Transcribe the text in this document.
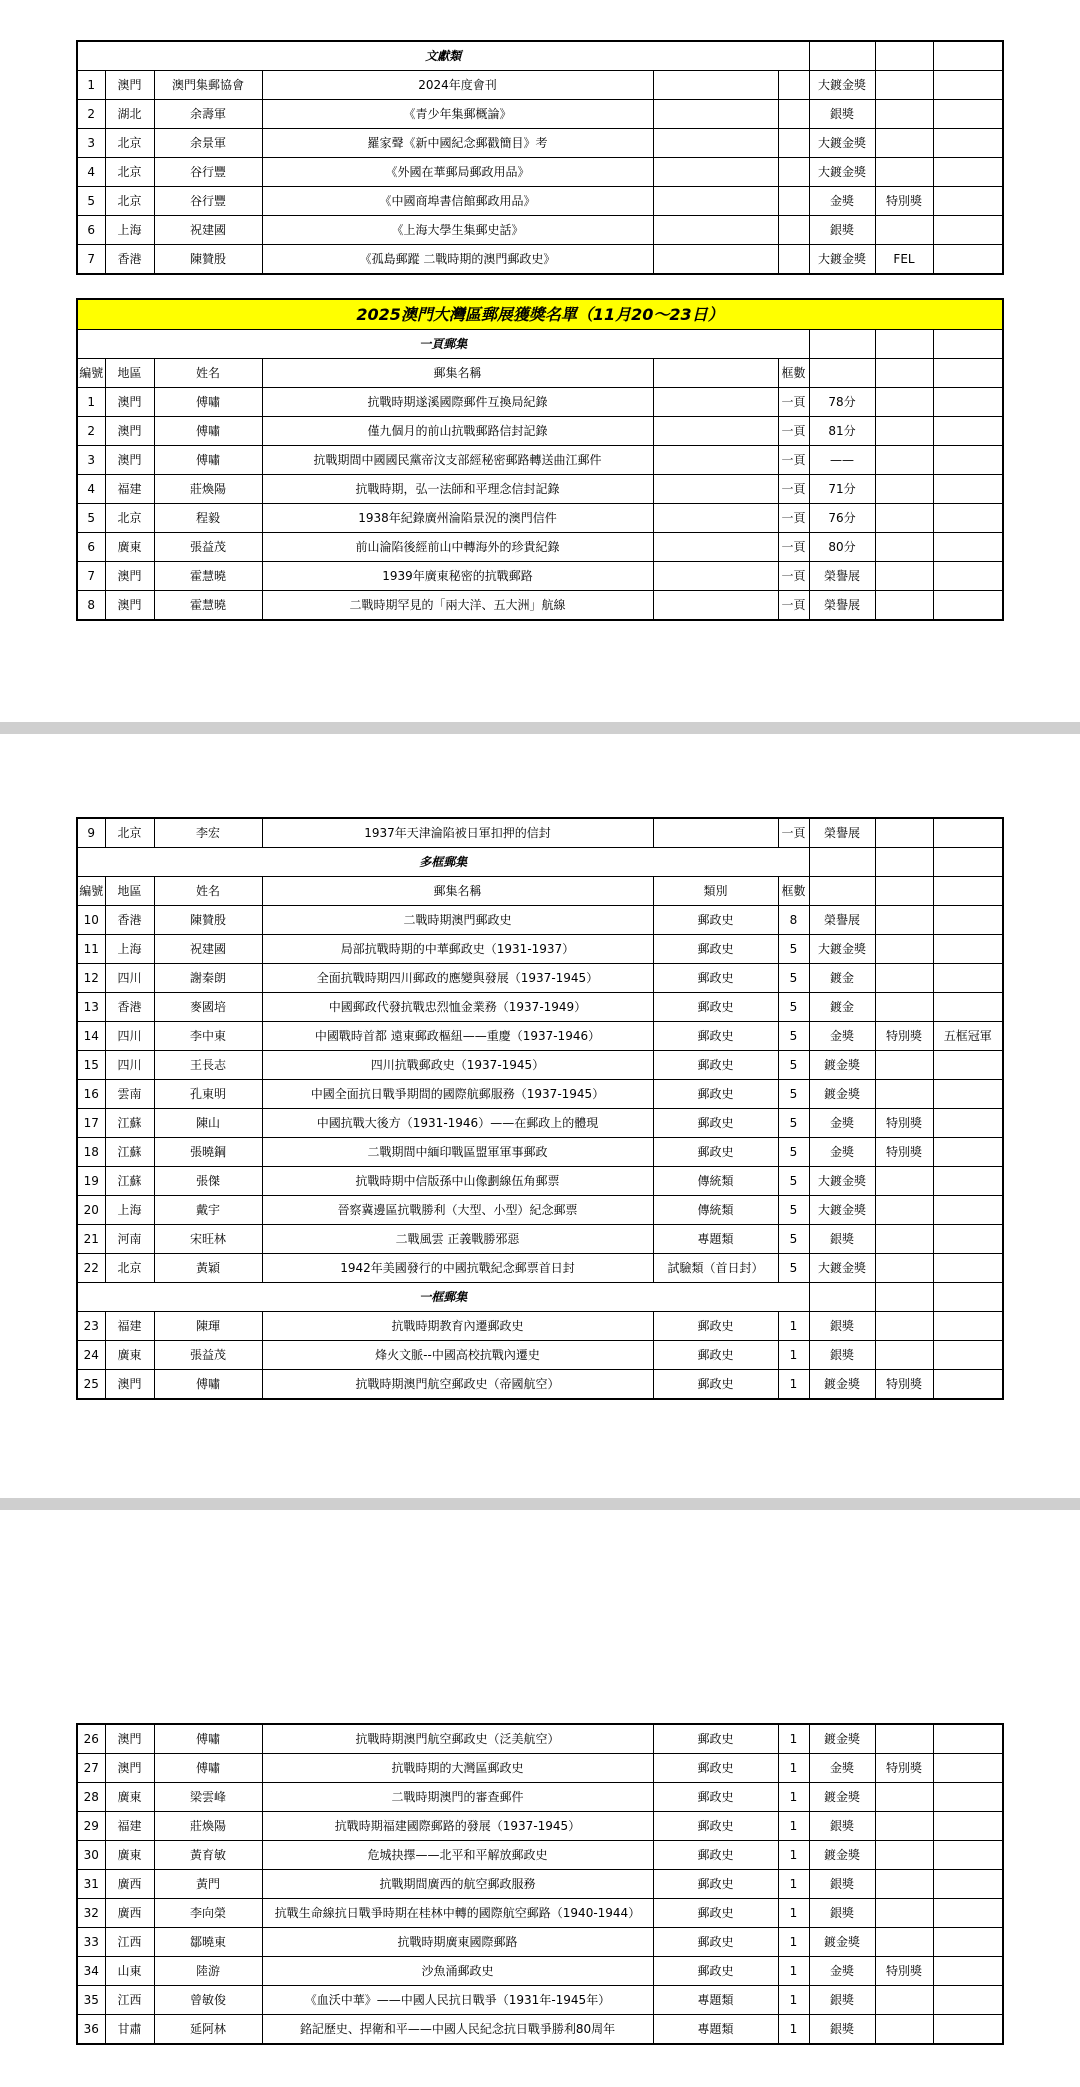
文獻類								
1	澳門	澳門集郵協會	2024年度會刊			大鍍金獎		
2	湖北	余壽軍	《青少年集郵概論》			銀獎		
3	北京	余景軍	羅家聲《新中國紀念郵戳簡目》考			大鍍金獎		
4	北京	谷行豐	《外國在華郵局郵政用品》			大鍍金獎		
5	北京	谷行豐	《中國商埠書信館郵政用品》			金獎	特別獎	
6	上海	祝建國	《上海大學生集郵史話》			銀獎		
7	香港	陳贊殷	《孤島郵蹤 二戰時期的澳門郵政史》			大鍍金獎	FEL	
2025澳門大灣區郵展獲獎名單（11月20～23日）								
一頁郵集								
編號	地區	姓名	郵集名稱		框數			
1	澳門	傅嘯	抗戰時期遂溪國際郵件互換局紀錄		一頁	78分		
2	澳門	傅嘯	僅九個月的前山抗戰郵路信封記錄		一頁	81分		
3	澳門	傅嘯	抗戰期間中國國民黨帝汶支部經秘密郵路轉送曲江郵件		一頁	——		
4	福建	莊煥陽	抗戰時期，弘一法師和平理念信封記錄		一頁	71分		
5	北京	程毅	1938年紀錄廣州淪陷景況的澳門信件		一頁	76分		
6	廣東	張益茂	前山淪陷後經前山中轉海外的珍貴紀錄		一頁	80分		
7	澳門	霍慧曉	1939年廣東秘密的抗戰郵路		一頁	榮譽展		
8	澳門	霍慧曉	二戰時期罕見的「兩大洋、五大洲」航線		一頁	榮譽展		
9	北京	李宏	1937年天津淪陷被日軍扣押的信封		一頁	榮譽展		
多框郵集								
編號	地區	姓名	郵集名稱	類別	框數			
10	香港	陳贊殷	二戰時期澳門郵政史	郵政史	8	榮譽展		
11	上海	祝建國	局部抗戰時期的中華郵政史（1931-1937）	郵政史	5	大鍍金獎		
12	四川	謝秦朗	全面抗戰時期四川郵政的應變與發展（1937-1945）	郵政史	5	鍍金		
13	香港	麥國培	中國郵政代發抗戰忠烈恤金業務（1937-1949）	郵政史	5	鍍金		
14	四川	李中東	中國戰時首都 遠東郵政樞紐——重慶（1937-1946）	郵政史	5	金獎	特別獎	五框冠軍
15	四川	王長志	四川抗戰郵政史（1937-1945）	郵政史	5	鍍金獎		
16	雲南	孔東明	中國全面抗日戰爭期間的國際航郵服務（1937-1945）	郵政史	5	鍍金獎		
17	江蘇	陳山	中國抗戰大後方（1931-1946）——在郵政上的體現	郵政史	5	金獎	特別獎	
18	江蘇	張曉鋼	二戰期間中緬印戰區盟軍軍事郵政	郵政史	5	金獎	特別獎	
19	江蘇	張傑	抗戰時期中信版孫中山像劃線伍角郵票	傳統類	5	大鍍金獎		
20	上海	戴宇	晉察冀邊區抗戰勝利（大型、小型）紀念郵票	傳統類	5	大鍍金獎		
21	河南	宋旺林	二戰風雲 正義戰勝邪惡	專題類	5	銀獎		
22	北京	黃穎	1942年美國發行的中國抗戰紀念郵票首日封	試驗類（首日封）	5	大鍍金獎		
一框郵集								
23	福建	陳琿	抗戰時期教育內遷郵政史	郵政史	1	銀獎		
24	廣東	張益茂	烽火文脈--中國高校抗戰內遷史	郵政史	1	銀獎		
25	澳門	傅嘯	抗戰時期澳門航空郵政史（帝國航空）	郵政史	1	鍍金獎	特別獎	
26	澳門	傅嘯	抗戰時期澳門航空郵政史（泛美航空）	郵政史	1	鍍金獎		
27	澳門	傅嘯	抗戰時期的大灣區郵政史	郵政史	1	金獎	特別獎	
28	廣東	梁雲峰	二戰時期澳門的審查郵件	郵政史	1	鍍金獎		
29	福建	莊煥陽	抗戰時期福建國際郵路的發展（1937-1945）	郵政史	1	銀獎		
30	廣東	黃育敏	危城抉擇——北平和平解放郵政史	郵政史	1	鍍金獎		
31	廣西	黃門	抗戰期間廣西的航空郵政服務	郵政史	1	銀獎		
32	廣西	李向榮	抗戰生命線抗日戰爭時期在桂林中轉的國際航空郵路（1940-1944）	郵政史	1	銀獎		
33	江西	鄒曉東	抗戰時期廣東國際郵路	郵政史	1	鍍金獎		
34	山東	陸游	沙魚涌郵政史	郵政史	1	金獎	特別獎	
35	江西	曾敏俊	《血沃中華》——中國人民抗日戰爭（1931年-1945年）	專題類	1	銀獎		
36	甘肅	延阿林	銘記歷史、捍衛和平——中國人民紀念抗日戰爭勝利80周年	專題類	1	銀獎		
